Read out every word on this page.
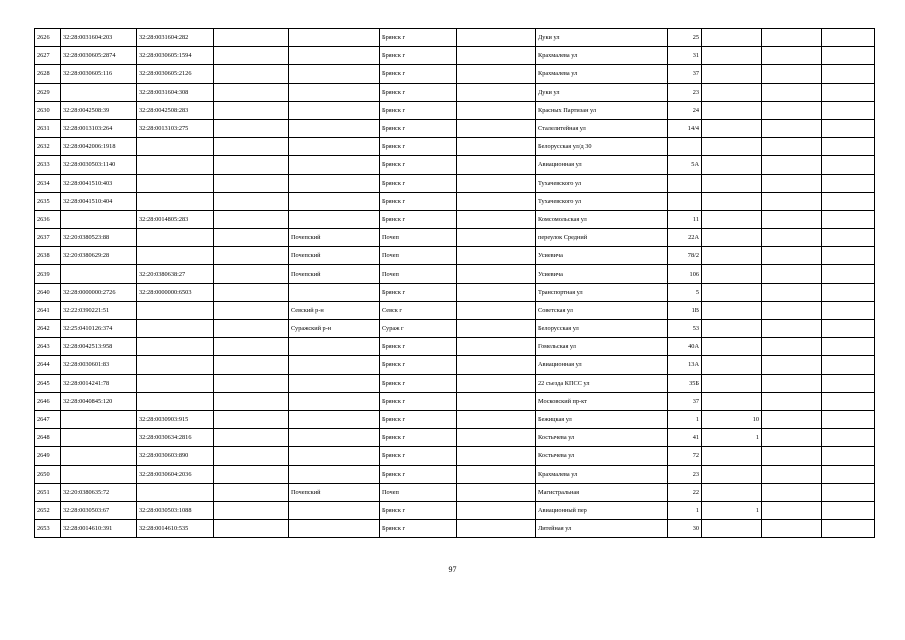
2626	32:28:0031604:203	32:28:0031604:282			Брянск г		Дуки ул	25			
2627	32:28:0030605:2874	32:28:0030605:1594			Брянск г		Крахмалева ул	31			
2628	32:28:0030605:116	32:28:0030605:2126			Брянск г		Крахмалева ул	37			
2629		32:28:0031604:308			Брянск г		Дуки ул	23			
2630	32:28:0042508:39	32:28:0042508:283			Брянск г		Красных Партизан ул	24			
2631	32:28:0013103:264	32:28:0013103:275			Брянск г		Сталелитейная ул	14/4			
2632	32:28:0042006:1918				Брянск г		Белорусская ул/д 30				
2633	32:28:0030503:1140				Брянск г		Авиационная ул	5А			
2634	32:28:0041510:403				Брянск г		Тухачевского ул				
2635	32:28:0041510:404				Брянск г		Тухачевского ул				
2636		32:28:0014805:283			Брянск г		Комсомольская ул	11			
2637	32:20:0380523:88			Почепский	Почеп		переулок Средний	22А			
2638	32:20:0380629:28			Почепский	Почеп		Усиевича	78/2			
2639		32:20:0380638:27		Почепский	Почеп		Усиевича	106			
2640	32:28:0000000:2726	32:28:0000000:6503			Брянск г		Транспортная ул	5			
2641	32:22:0390221:51			Севский р-н	Севск г		Советская ул	1В			
2642	32:25:0410126:374			Суражский р-н	Сураж г		Белорусская ул	53			
2643	32:28:0042513:958				Брянск г		Гомельская ул	40А			
2644	32:28:0030601:83				Брянск г		Авиационная ул	13А			
2645	32:28:0014241:78				Брянск г		22 съезда КПСС ул	35Б			
2646	32:28:0040845:120				Брянск г		Московский пр-кт	37			
2647		32:28:0030903:915			Брянск г		Бежицкая ул	1	10		
2648		32:28:0030634:2816			Брянск г		Костычева ул	41	1		
2649		32:28:0030603:890			Брянск г		Костычева ул	72			
2650		32:28:0030604:2036			Брянск г		Крахмалева ул	23			
2651	32:20:0380635:72			Почепский	Почеп		Магистральная	22			
2652	32:28:0030503:67	32:28:0030503:1088			Брянск г		Авиационный пер	1	1		
2653	32:28:0014610:391	32:28:0014610:535			Брянск г		Литейная ул	30			
97
